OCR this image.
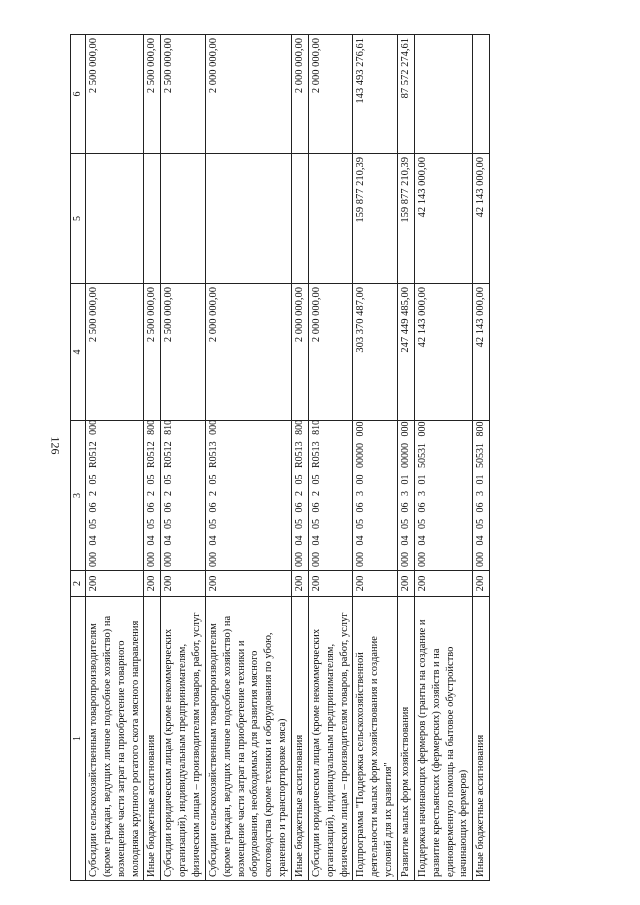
126
1	2	3	4	5	6
Субсидии сельскохозяйственным товаропроизводителям (кроме граждан, ведущих личное подсобное хозяйство) на возмещение части затрат на приобретение товарного молодняка крупного рогатого скота мясного направления	200	000 04 05 06 2 05 R0512 000	2 500 000,00		2 500 000,00
Иные бюджетные ассигнования	200	000 04 05 06 2 05 R0512 800	2 500 000,00		2 500 000,00
Субсидии юридическим лицам (кроме некоммерческих организаций), индивидуальным предпринимателям, физическим лицам – производителям товаров, работ, услуг	200	000 04 05 06 2 05 R0512 810	2 500 000,00		2 500 000,00
Субсидии сельскохозяйственным товаропроизводителям (кроме граждан, ведущих личное подсобное хозяйство) на возмещение части затрат на приобретение техники и оборудования, необходимых для развития мясного скотоводства (кроме техники и оборудования по убою, хранению и транспортировке мяса)	200	000 04 05 06 2 05 R0513 000	2 000 000,00		2 000 000,00
Иные бюджетные ассигнования	200	000 04 05 06 2 05 R0513 800	2 000 000,00		2 000 000,00
Субсидии юридическим лицам (кроме некоммерческих организаций), индивидуальным предпринимателям, физическим лицам – производителям товаров, работ, услуг	200	000 04 05 06 2 05 R0513 810	2 000 000,00		2 000 000,00
Подпрограмма "Поддержка сельскохозяйственной деятельности малых форм хозяйствования и создание условий для их развития"	200	000 04 05 06 3 00 00000 000	303 370 487,00	159 877 210,39	143 493 276,61
Развитие малых форм хозяйствования	200	000 04 05 06 3 01 00000 000	247 449 485,00	159 877 210,39	87 572 274,61
Поддержка начинающих фермеров (гранты на создание и развитие крестьянских (фермерских) хозяйств и на единовременную помощь на бытовое обустройство начинающих фермеров)	200	000 04 05 06 3 01 50531 000	42 143 000,00	42 143 000,00	
Иные бюджетные ассигнования	200	000 04 05 06 3 01 50531 800	42 143 000,00	42 143 000,00	
